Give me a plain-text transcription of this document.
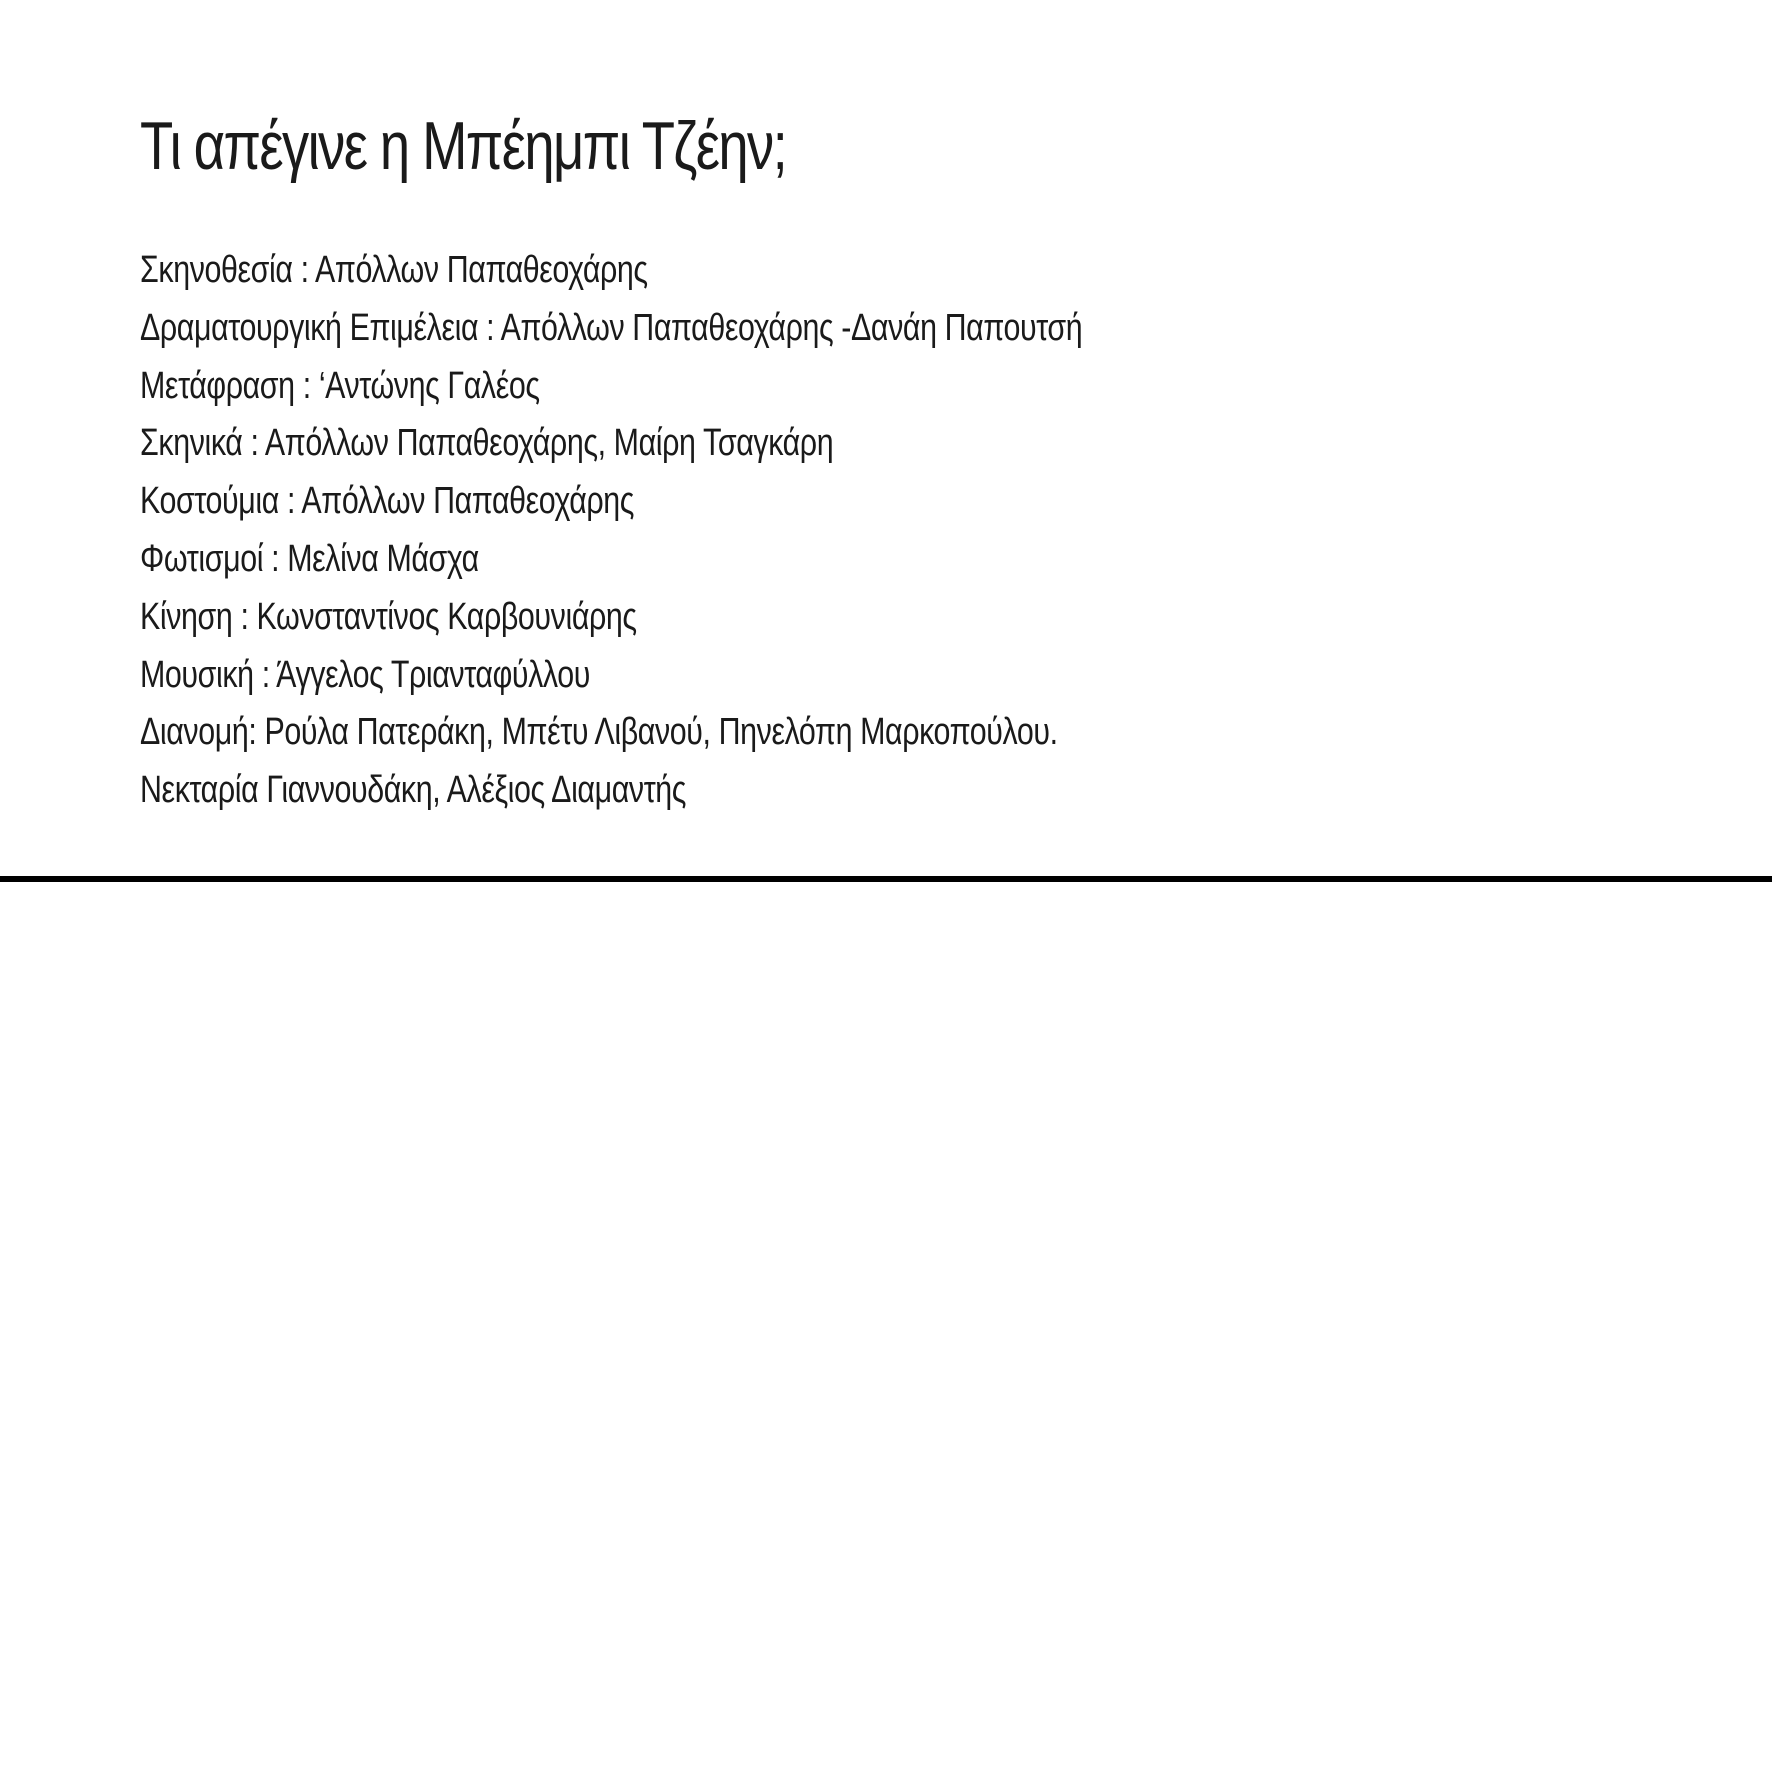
Τι απέγινε η Μπέημπι Τζέην;
Σκηνοθεσία : Απόλλων Παπαθεοχάρης
Δραματουργική Επιμέλεια : Απόλλων Παπαθεοχάρης -Δανάη Παπουτσή
Μετάφραση : ‘Αντώνης Γαλέος
Σκηνικά : Απόλλων Παπαθεοχάρης, Μαίρη Τσαγκάρη
Κοστούμια : Απόλλων Παπαθεοχάρης
Φωτισμοί : Μελίνα Μάσχα
Κίνηση : Κωνσταντίνος Καρβουνιάρης
Μουσική : Άγγελος Τριανταφύλλου
Διανομή: Ρούλα Πατεράκη, Μπέτυ Λιβανού, Πηνελόπη Μαρκοπούλου.
Νεκταρία Γιαννουδάκη, Αλέξιος Διαμαντής
